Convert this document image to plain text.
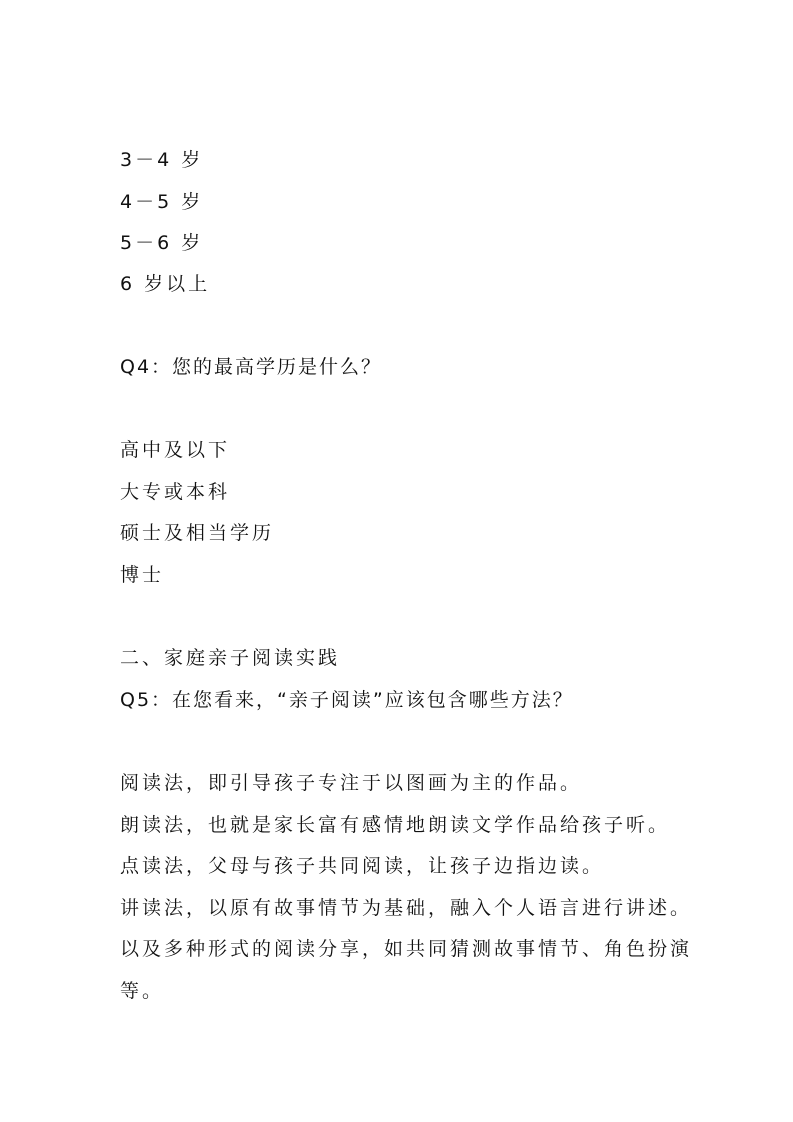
3－4 岁
4－5 岁
5－6 岁
6 岁以上
Q4：您的最高学历是什么？
高中及以下
大专或本科
硕士及相当学历
博士
二、家庭亲子阅读实践
Q5：在您看来，“亲子阅读”应该包含哪些方法？
阅读法，即引导孩子专注于以图画为主的作品。
朗读法，也就是家长富有感情地朗读文学作品给孩子听。
点读法，父母与孩子共同阅读，让孩子边指边读。
讲读法，以原有故事情节为基础，融入个人语言进行讲述。
以及多种形式的阅读分享，如共同猜测故事情节、角色扮演
等。
